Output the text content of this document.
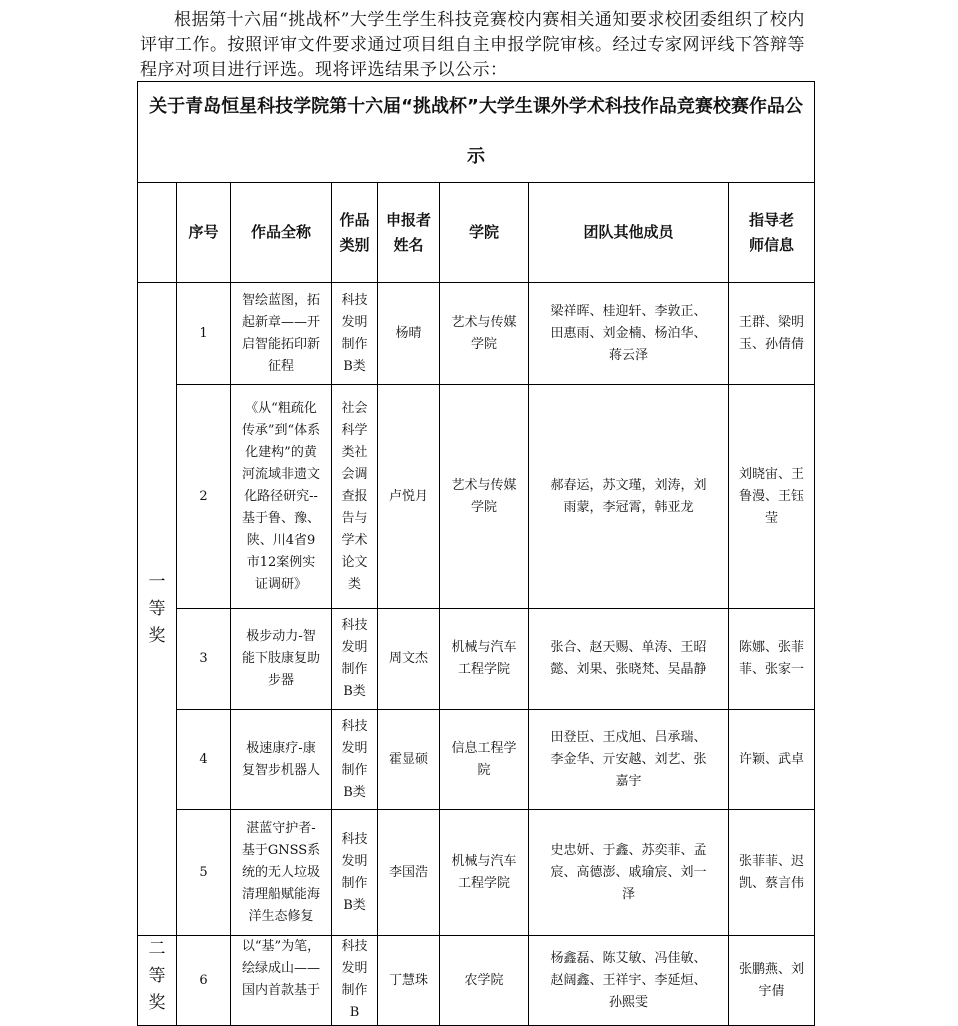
根据第十六届“挑战杯”大学生学生科技竞赛校内赛相关通知要求校团委组织了校内评审工作。按照评审文件要求通过项目组自主申报学院审核。经过专家网评线下答辩等程序对项目进行评选。现将评选结果予以公示：

关于青岛恒星科技学院第十六届“挑战杯”大学生课外学术科技作品竞赛校赛作品公示							

	序号	作品全称	作品类别	申报者姓名	学院	团队其他成员	指导老师信息

一等奖	1	智绘蓝图，拓起新章——开启智能拓印新征程	科技发明制作B类	杨晴	艺术与传媒学院	梁祥晖、桂迎轩、李敦正、田惠雨、刘金楠、杨泊华、蒋云泽	王群、梁明玉、孙倩倩

	2	《从“粗疏化传承”到“体系化建构”的黄河流域非遗文化路径研究--基于鲁、豫、陕、川4省9市12案例实证调研》	社会科学类社会调查报告与学术论文类	卢悦月	艺术与传媒学院	郝春运，苏文瑾，刘涛，刘雨蒙，李冠霄，韩亚龙	刘晓宙、王鲁漫、王钰莹

	3	极步动力-智能下肢康复助步器	科技发明制作B类	周文杰	机械与汽车工程学院	张合、赵天赐、单涛、王昭懿、刘果、张晓梵、吴晶静	陈娜、张菲菲、张家一

	4	极速康疗-康复智步机器人	科技发明制作B类	霍显硕	信息工程学院	田登臣、王戍旭、吕承瑞、李金华、亓安越、刘艺、张嘉宇	许颖、武卓

	5	湛蓝守护者-基于GNSS系统的无人垃圾清理船赋能海洋生态修复	科技发明制作B类	李国浩	机械与汽车工程学院	史忠妍、于鑫、苏奕菲、孟宸、高德澎、戚瑜宸、刘一泽	张菲菲、迟凯、蔡言伟

二等奖	6	以“基”为笔，绘绿成山——国内首款基于	科技发明制作B	丁慧珠	农学院	杨鑫磊、陈艾敏、冯佳敏、赵阔鑫、王祥宇、李延烜、孙熙雯	张鹏燕、刘宇倩
